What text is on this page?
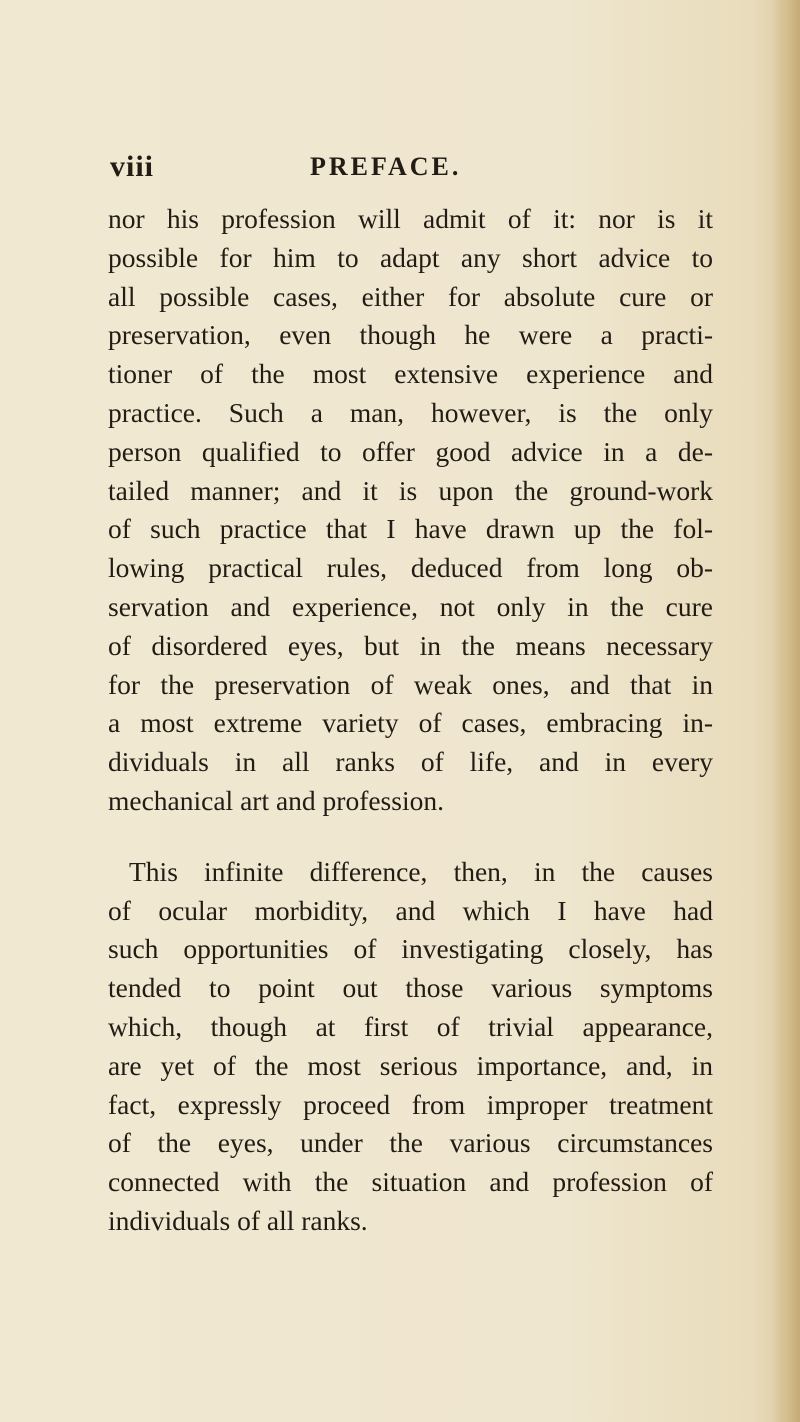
viii	PREFACE.
nor his profession will admit of it: nor is it
possible for him to adapt any short advice to
all possible cases, either for absolute cure or
preservation, even though he were a practi-
tioner of the most extensive experience and
practice. Such a man, however, is the only
person qualified to offer good advice in a de-
tailed manner; and it is upon the ground-work
of such practice that I have drawn up the fol-
lowing practical rules, deduced from long ob-
servation and experience, not only in the cure
of disordered eyes, but in the means necessary
for the preservation of weak ones, and that in
a most extreme variety of cases, embracing in-
dividuals in all ranks of life, and in every
mechanical art and profession.
This infinite difference, then, in the causes
of ocular morbidity, and which I have had
such opportunities of investigating closely, has
tended to point out those various symptoms
which, though at first of trivial appearance,
are yet of the most serious importance, and, in
fact, expressly proceed from improper treatment
of the eyes, under the various circumstances
connected with the situation and profession of
individuals of all ranks.
